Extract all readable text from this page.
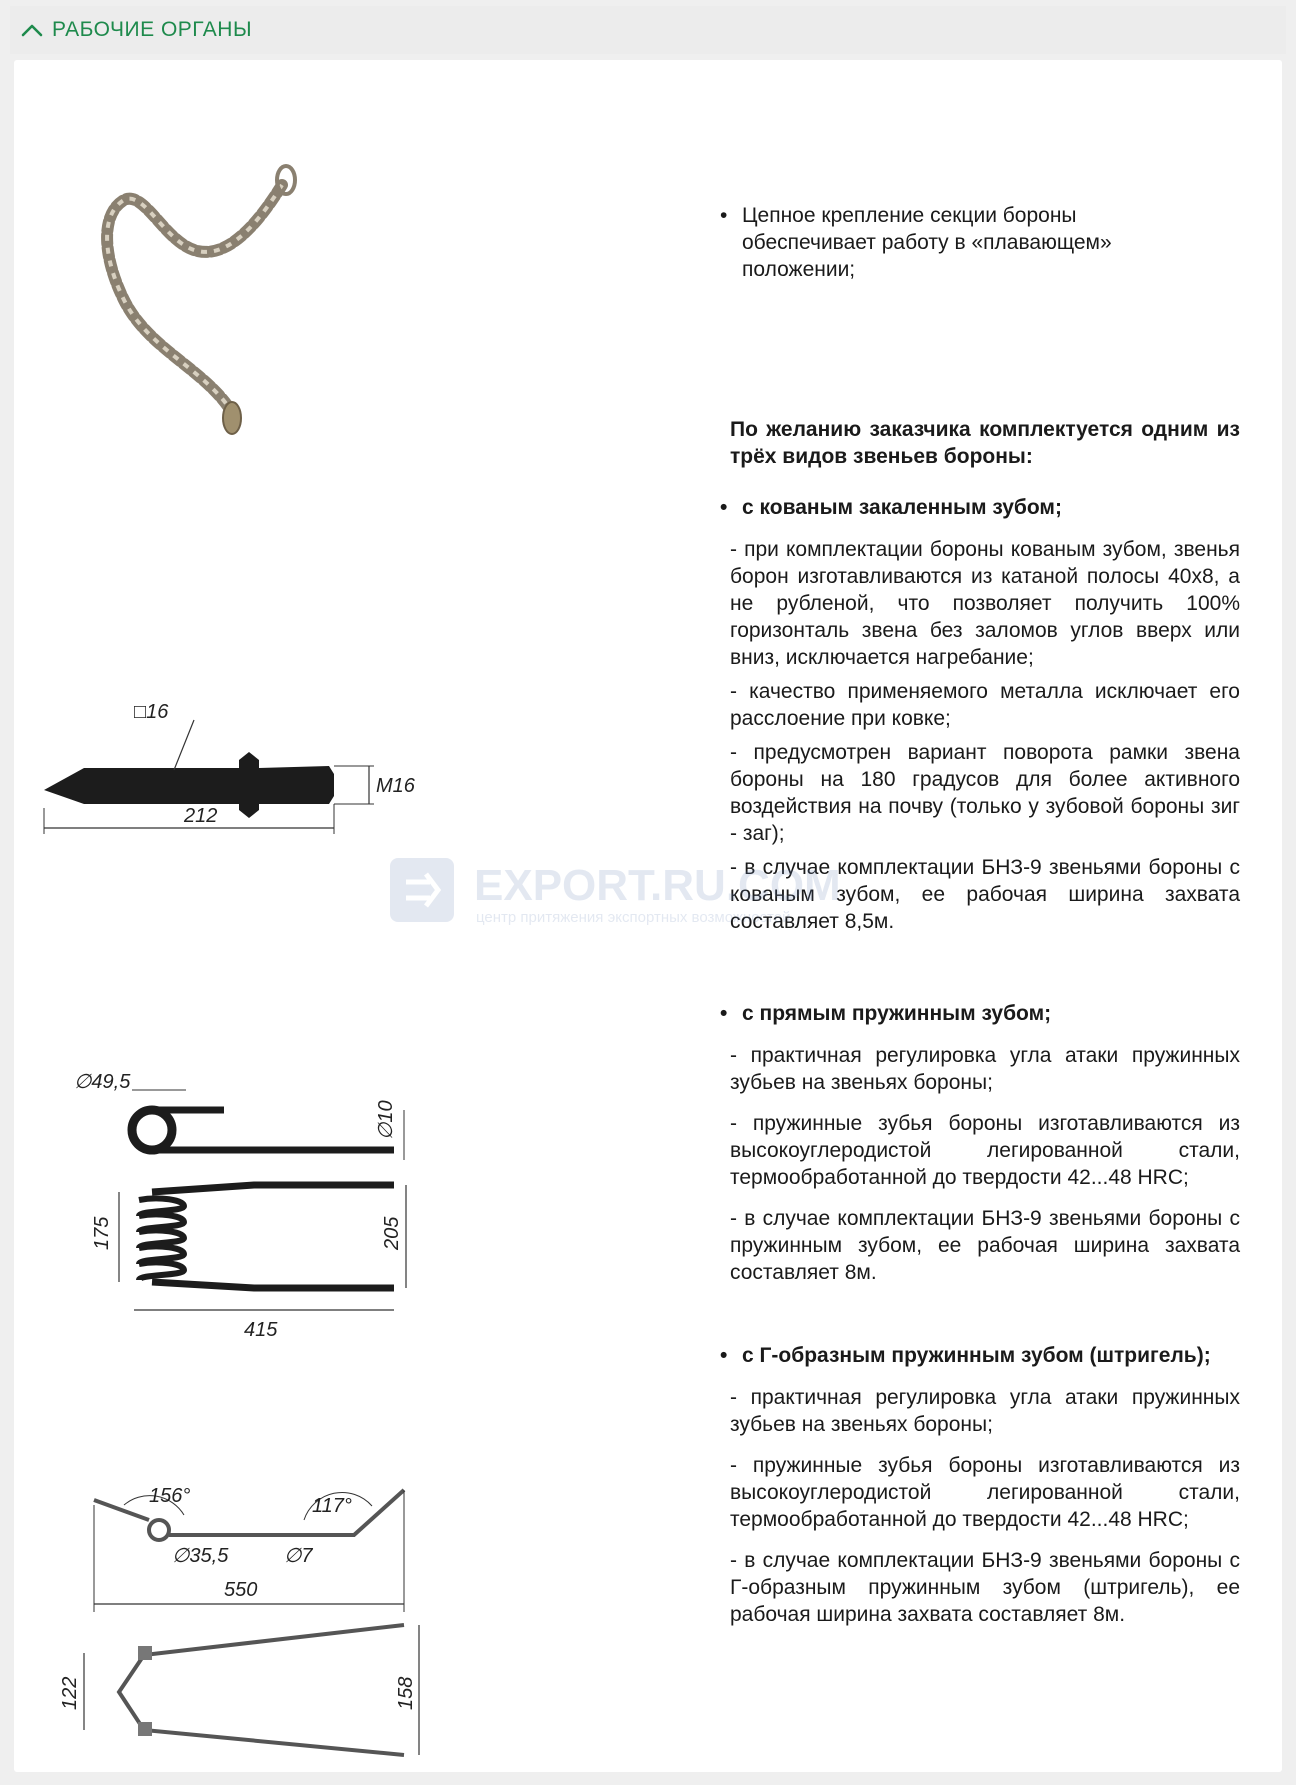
РАБОЧИЕ ОРГАНЫ
• Цепное крепление секции бороны обеспечивает работу в «плавающем» положении;
По желанию заказчика комплектуется одним из трёх видов звеньев бороны:
• с кованым закаленным зубом;
- при комплектации бороны кованым зубом, звенья борон изготавливаются из катаной полосы 40х8, а не рубленой, что позволяет получить 100% горизонталь звена без заломов углов вверх или вниз, исключается нагребание;
- качество применяемого металла исключает его расслоение при ковке;
- предусмотрен вариант поворота рамки звена бороны на 180 градусов для более активного воздействия на почву (только у зубовой бороны зиг - заг);
- в случае комплектации БНЗ-9 звеньями бороны с кованым зубом, ее рабочая ширина захвата составляет 8,5м.
□16
M16
212
• с прямым пружинным зубом;
- практичная регулировка угла атаки пружинных зубьев на звеньях бороны;
- пружинные зубья бороны изготавливаются из высокоуглеродистой легированной стали, термообработанной до твердости 42...48 HRC;
- в случае комплектации БНЗ-9 звеньями бороны с пружинным зубом, ее рабочая ширина захвата составляет 8м.
∅49,5
∅10
175	205
415
• с Г-образным пружинным зубом (штригель);
- практичная регулировка угла атаки пружинных зубьев на звеньях бороны;
- пружинные зубья бороны изготавливаются из высокоуглеродистой легированной стали, термообработанной до твердости 42...48 HRC;
- в случае комплектации БНЗ-9 звеньями бороны с Г-образным пружинным зубом (штригель), ее рабочая ширина захвата составляет 8м.
156°	117°
∅35,5	∅7
550
122	158
EXPORT.RU.COM
центр притяжения экспортных возможностей
